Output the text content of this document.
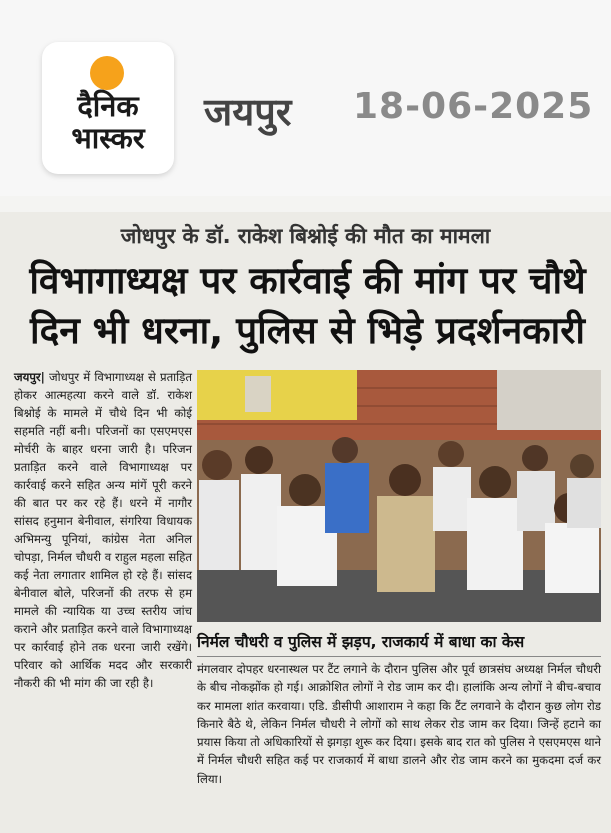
दैनिक
भास्कर
जयपुर 18-06-2025
जोधपुर के डॉ. राकेश बिश्नोई की मौत का मामला
विभागाध्यक्ष पर कार्रवाई की मांग पर चौथे दिन भी धरना, पुलिस से भिड़े प्रदर्शनकारी
जयपुर| जोधपुर में विभागाध्यक्ष से प्रताड़ित होकर आत्महत्या करने वाले डॉ. राकेश बिश्नोई के मामले में चौथे दिन भी कोई सहमति नहीं बनी। परिजनों का एसएमएस मोर्चरी के बाहर धरना जारी है। परिजन प्रताड़ित करने वाले विभागाध्यक्ष पर कार्रवाई करने सहित अन्य मांगें पूरी करने की बात पर कर रहे हैं। धरने में नागौर सांसद हनुमान बेनीवाल, संगरिया विधायक अभिमन्यु पूनियां, कांग्रेस नेता अनिल चोपड़ा, निर्मल चौधरी व राहुल महला सहित कई नेता लगातार शामिल हो रहे हैं। सांसद बेनीवाल बोले, परिजनों की तरफ से हम मामले की न्यायिक या उच्च स्तरीय जांच कराने और प्रताड़ित करने वाले विभागाध्यक्ष पर कार्रवाई होने तक धरना जारी रखेंगे। परिवार को आर्थिक मदद और सरकारी नौकरी की भी मांग की जा रही है।
निर्मल चौधरी व पुलिस में झड़प, राजकार्य में बाधा का केस
मंगलवार दोपहर धरनास्थल पर टैंट लगाने के दौरान पुलिस और पूर्व छात्रसंघ अध्यक्ष निर्मल चौधरी के बीच नोकझोंक हो गई। आक्रोशित लोगों ने रोड जाम कर दी। हालांकि अन्य लोगों ने बीच-बचाव कर मामला शांत करवाया। एडि. डीसीपी आशाराम ने कहा कि टैंट लगवाने के दौरान कुछ लोग रोड किनारे बैठे थे, लेकिन निर्मल चौधरी ने लोगों को साथ लेकर रोड जाम कर दिया। जिन्हें हटाने का प्रयास किया तो अधिकारियों से झगड़ा शुरू कर दिया। इसके बाद रात को पुलिस ने एसएमएस थाने में निर्मल चौधरी सहित कई पर राजकार्य में बाधा डालने और रोड जाम करने का मुकदमा दर्ज कर लिया।
